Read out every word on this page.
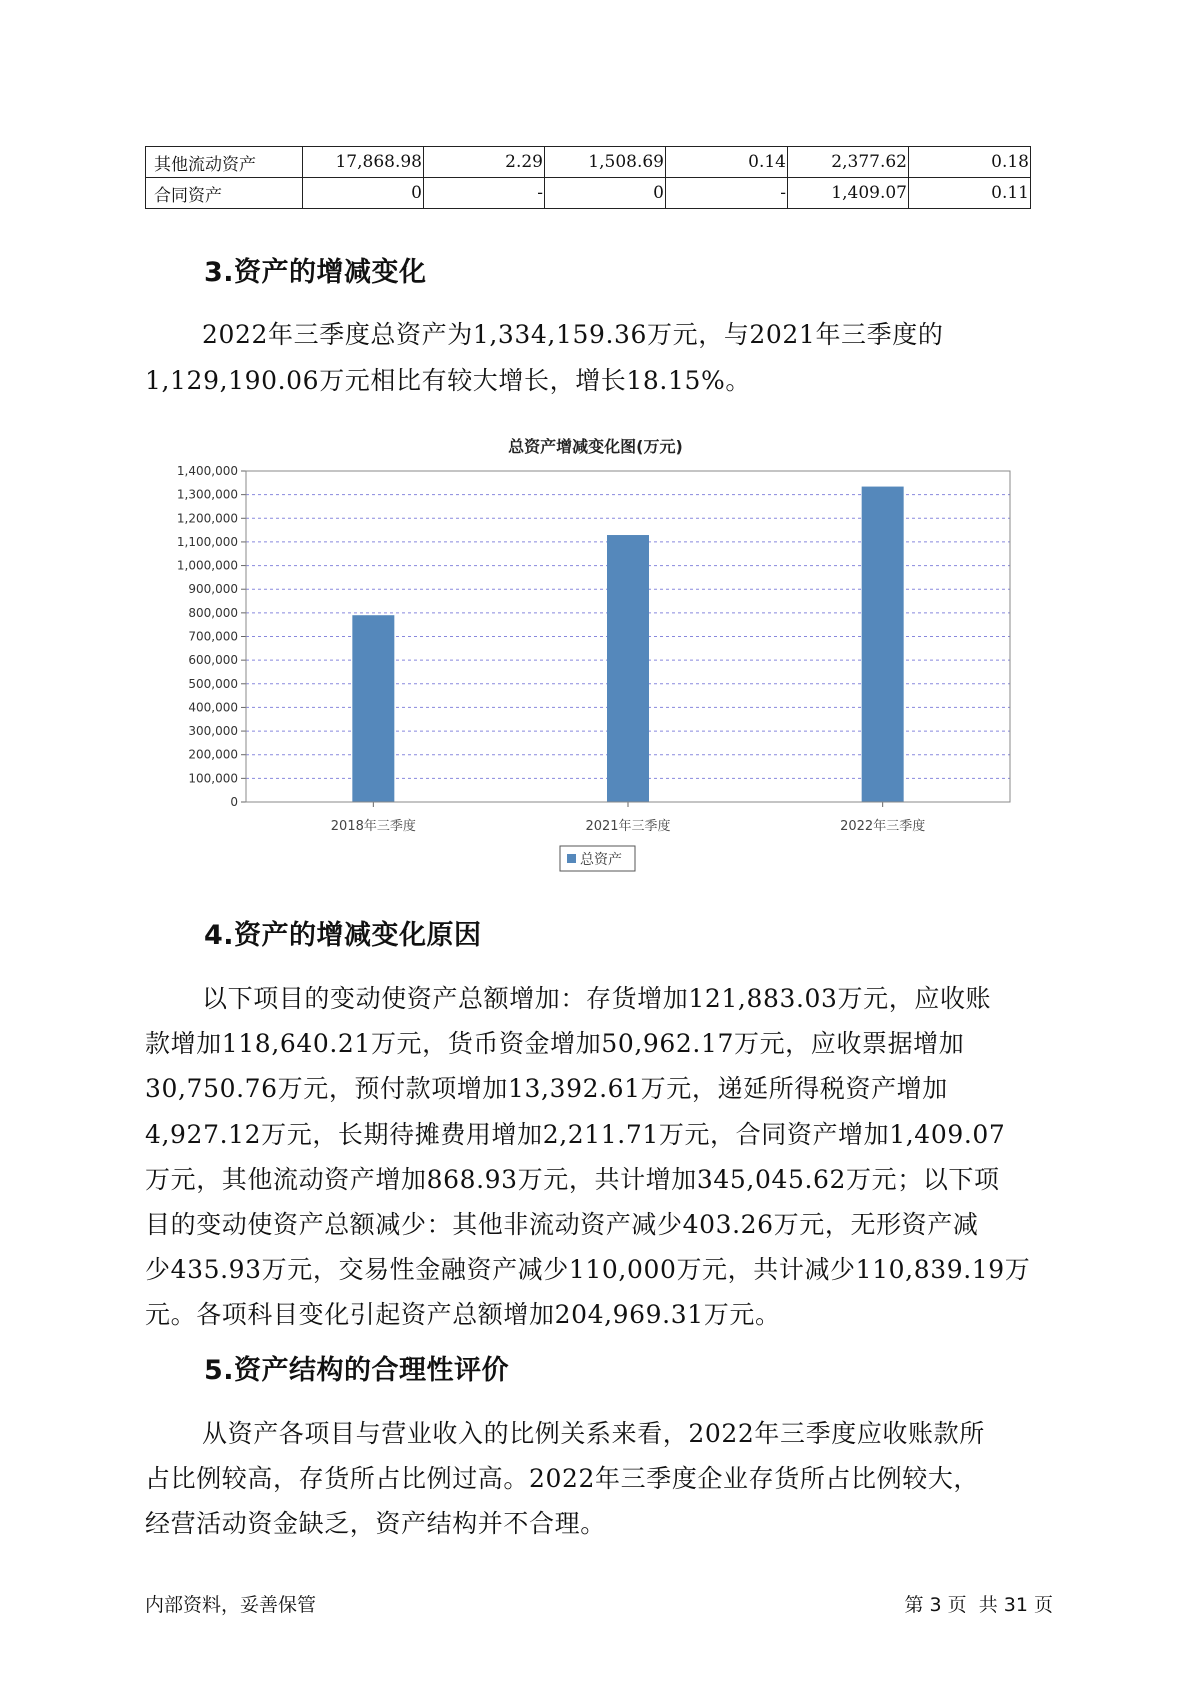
其他流动资产	17,868.98	2.29	1,508.69	0.14	2,377.62	0.18
合同资产	0	-	0	-	1,409.07	0.11
3.资产的增减变化
2022年三季度总资产为1,334,159.36万元，与2021年三季度的
1,129,190.06万元相比有较大增长，增长18.15%。
总资产增减变化图(万元)
0
100,000
200,000
300,000
400,000
500,000
600,000
700,000
800,000
900,000
1,000,000
1,100,000
1,200,000
1,300,000
1,400,000
2018年三季度	2021年三季度	2022年三季度
总资产
4.资产的增减变化原因
以下项目的变动使资产总额增加：存货增加121,883.03万元，应收账
款增加118,640.21万元，货币资金增加50,962.17万元，应收票据增加
30,750.76万元，预付款项增加13,392.61万元，递延所得税资产增加
4,927.12万元，长期待摊费用增加2,211.71万元，合同资产增加1,409.07
万元，其他流动资产增加868.93万元，共计增加345,045.62万元；以下项
目的变动使资产总额减少：其他非流动资产减少403.26万元，无形资产减
少435.93万元，交易性金融资产减少110,000万元，共计减少110,839.19万
元。各项科目变化引起资产总额增加204,969.31万元。
5.资产结构的合理性评价
从资产各项目与营业收入的比例关系来看，2022年三季度应收账款所
占比例较高，存货所占比例过高。2022年三季度企业存货所占比例较大，
经营活动资金缺乏，资产结构并不合理。
内部资料，妥善保管	第 3 页  共 31 页
